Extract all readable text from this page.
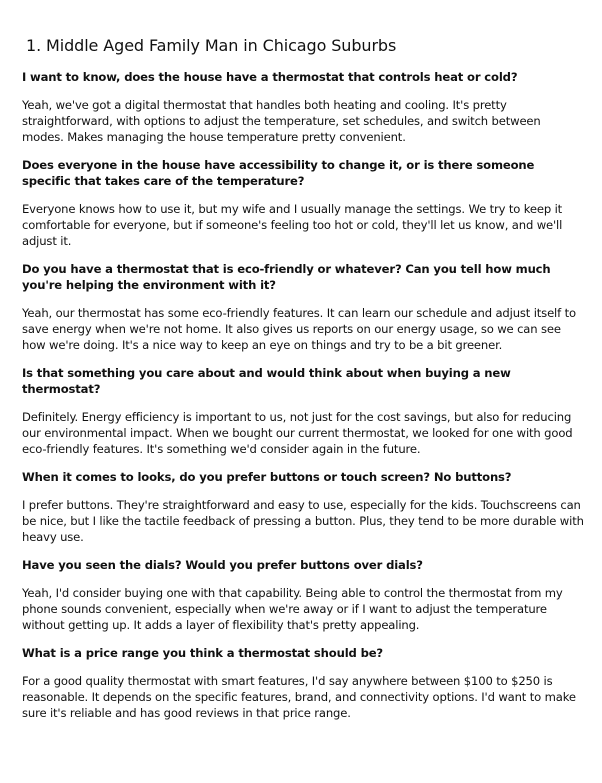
1. Middle Aged Family Man in Chicago Suburbs

I want to know, does the house have a thermostat that controls heat or cold?

Yeah, we've got a digital thermostat that handles both heating and cooling. It's pretty straightforward, with options to adjust the temperature, set schedules, and switch between modes. Makes managing the house temperature pretty convenient.

Does everyone in the house have accessibility to change it, or is there someone specific that takes care of the temperature?

Everyone knows how to use it, but my wife and I usually manage the settings. We try to keep it comfortable for everyone, but if someone's feeling too hot or cold, they'll let us know, and we'll adjust it.

Do you have a thermostat that is eco-friendly or whatever? Can you tell how much you're helping the environment with it?

Yeah, our thermostat has some eco-friendly features. It can learn our schedule and adjust itself to save energy when we're not home. It also gives us reports on our energy usage, so we can see how we're doing. It's a nice way to keep an eye on things and try to be a bit greener.

Is that something you care about and would think about when buying a new thermostat?

Definitely. Energy efficiency is important to us, not just for the cost savings, but also for reducing our environmental impact. When we bought our current thermostat, we looked for one with good eco-friendly features. It's something we'd consider again in the future.

When it comes to looks, do you prefer buttons or touch screen? No buttons?

I prefer buttons. They're straightforward and easy to use, especially for the kids. Touchscreens can be nice, but I like the tactile feedback of pressing a button. Plus, they tend to be more durable with heavy use.

Have you seen the dials? Would you prefer buttons over dials?

Yeah, I'd consider buying one with that capability. Being able to control the thermostat from my phone sounds convenient, especially when we're away or if I want to adjust the temperature without getting up. It adds a layer of flexibility that's pretty appealing.

What is a price range you think a thermostat should be?

For a good quality thermostat with smart features, I'd say anywhere between $100 to $250 is reasonable. It depends on the specific features, brand, and connectivity options. I'd want to make sure it's reliable and has good reviews in that price range.
